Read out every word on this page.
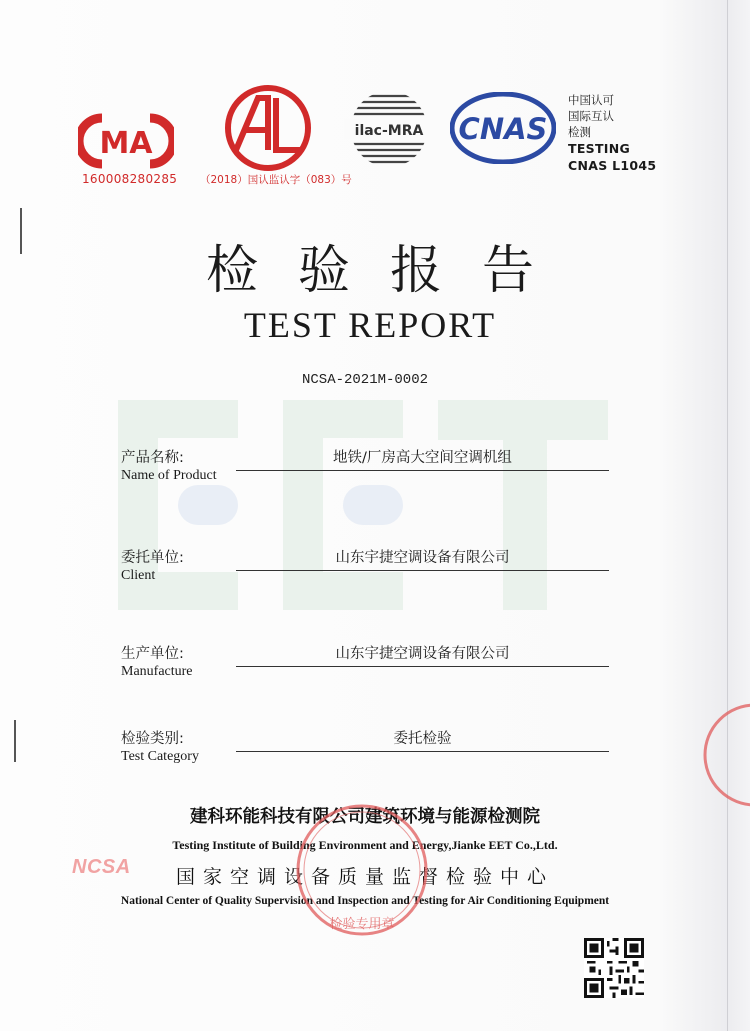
MA
160008280285 （2018）国认监认字（083）号
ilac-MRA CNAS
中国认可
国际互认
检测
TESTING
CNAS L1045
检验报告
TEST REPORT
NCSA-2021M-0002
产品名称:
Name of Product
地铁/厂房高大空间空调机组
委托单位:
Client
山东宇捷空调设备有限公司
生产单位:
Manufacture
山东宇捷空调设备有限公司
检验类别:
Test Category
委托检验
建科环能科技有限公司建筑环境与能源检测院
Testing Institute of Building Environment and Energy,Jianke EET Co.,Ltd.
NCSA	国家空调设备质量监督检验中心
National Center of Quality Supervision and Inspection and Testing for Air Conditioning Equipment
检验专用章
